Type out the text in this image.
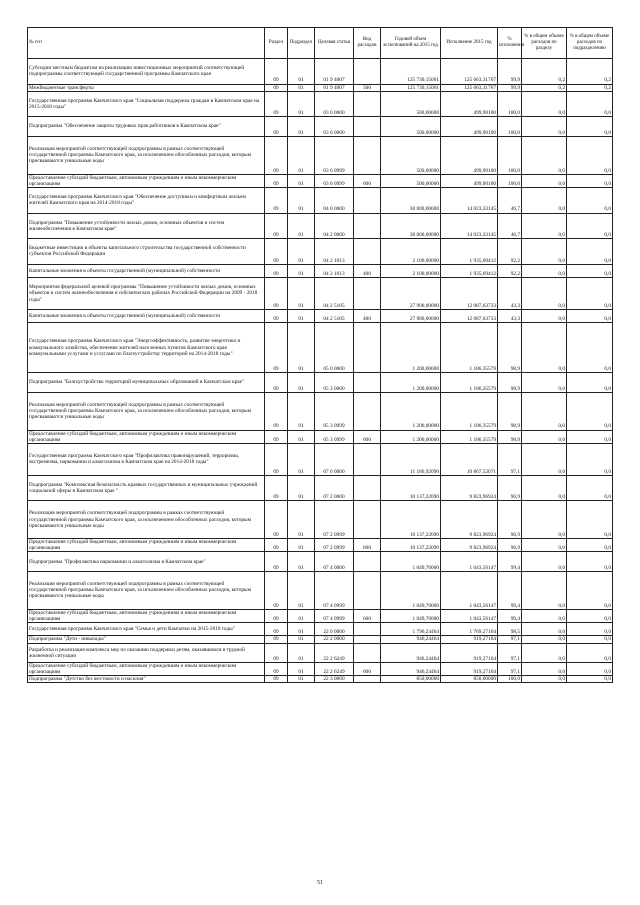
№ п/п	Раздел	Подраздел	Целевая статья	Вид расходов	Годовой объем ассигнований на 2015 год	Исполнение 2015 год	% исполнения	% в общем объеме расходов по разделу	% в общем объеме расходов по подразделению
Субсидии местным бюджетам на реализацию инвестиционных мероприятий соответствующей подпрограммы соответствующей государственной программы Камчатского края	09	01	01 9 4007		125 730,15001	125 663,31767	99,9	0,2	0,2
Межбюджетные трансферты	09	01	01 9 4007	500	125 730,15001	125 663,31767	99,9	0,2	0,2
Государственная программа Камчатского края "Социальная поддержка граждан в Камчатском крае на 2015-2018 годы"	09	01	03 0 0000		500,00000	499,90100	100,0	0,0	0,0
Подпрограмма "Обеспечение защиты трудовых прав работников в Камчатском крае"	09	01	03 6 0000		500,00000	499,90100	100,0	0,0	0,0
Реализация мероприятий соответствующей подпрограммы в рамках соответствующей государственной программы Камчатского края, за исключением обособленных расходов, которым присваиваются уникальные коды	09	01	03 6 0999		500,00000	499,90100	100,0	0,0	0,0
Предоставление субсидий бюджетным, автономным учреждениям и иным некоммерческим организациям	09	01	03 6 0999	600	500,00000	499,90100	100,0	0,0	0,0
Государственная программа Камчатского края "Обеспечение доступным и комфортным жильем жителей Камчатского края на 2014-2018 годы"	09	01	04 0 0000		30 000,00000	14 023,33145	46,7	0,0	0,0
Подпрограмма "Повышение устойчивости жилых домов, основных объектов и систем жизнеобеспечения в Камчатском крае"	09	01	04 2 0000		30 000,00000	14 023,33145	46,7	0,0	0,0
Бюджетные инвестиции в объекты капитального строительства государственной собственности субъектов Российской Федерации	09	01	04 2 1013		2 100,00000	1 935,69412	92,2	0,0	0,0
Капитальные вложения в объекты государственной (муниципальной) собственности	09	01	04 2 1013	400	2 100,00000	1 935,69412	92,2	0,0	0,0
Мероприятия федеральной целевой программы "Повышение устойчивости жилых домов, основных объектов и систем жизнеобеспечения в сейсмических районах Российской Федерации на 2009 - 2018 годы"	09	01	04 2 5105		27 900,00000	12 087,63733	43,3	0,0	0,0
Капитальные вложения в объекты государственной (муниципальной) собственности	09	01	04 2 5105	400	27 900,00000	12 087,63733	43,3	0,0	0,0
Государственная программа Камчатского края "Энергоэффективность, развитие энергетики и коммунального хозяйства, обеспечение жителей населенных пунктов Камчатского края коммунальными услугами и услугами по благоустройству территорий на 2014-2018 годы"	09	01	05 0 0000		1 200,00000	1 186,35579	98,9	0,0	0,0
Подпрограмма "Благоустройство территорий муниципальных образований в Камчатском крае"	09	01	05 3 0000		1 200,00000	1 186,35579	98,9	0,0	0,0
Реализация мероприятий соответствующей подпрограммы в рамках соответствующей государственной программы Камчатского края, за исключением обособленных расходов, которым присваиваются уникальные коды	09	01	05 3 0999		1 200,00000	1 186,35579	98,9	0,0	0,0
Предоставление субсидий бюджетным, автономным учреждениям и иным некоммерческим организациям	09	01	05 3 0999	600	1 200,00000	1 186,35579	98,9	0,0	0,0
Государственная программа Камчатского края "Профилактика правонарушений, терроризма, экстремизма, наркомании и алкоголизма в Камчатском крае на 2014-2018 годы"	09	01	07 0 0000		11 186,92090	10 867,52071	97,1	0,0	0,0
Подпрограмма "Комплексная безопасность краевых государственных и муниципальных учреждений социальной сферы в Камчатском крае "	09	01	07 2 0000		10 137,22090	9 823,96924	96,9	0,0	0,0
Реализация мероприятий соответствующей подпрограммы в рамках соответствующей государственной программы Камчатского края, за исключением обособленных расходов, которым присваиваются уникальные коды	09	01	07 2 0999		10 137,22090	9 823,96924	96,9	0,0	0,0
Предоставление субсидий бюджетным, автономным учреждениям и иным некоммерческим организациям	09	01	07 2 0999	600	10 137,22090	9 823,96924	96,9	0,0	0,0
Подпрограмма "Профилактика наркомании и алкоголизма в Камчатском крае"	09	01	07 4 0000		1 049,70000	1 043,56147	99,4	0,0	0,0
Реализация мероприятий соответствующей подпрограммы в рамках соответствующей государственной программы Камчатского края, за исключением обособленных расходов, которым присваиваются уникальные коды	09	01	07 4 0999		1 049,70000	1 043,56147	99,4	0,0	0,0
Предоставление субсидий бюджетным, автономным учреждениям и иным некоммерческим организациям	09	01	07 4 0999	600	1 049,70000	1 043,56147	99,4	0,0	0,0
Государственная программа Камчатского края "Семья и дети Камчатки на 2015-2018 годы"	09	01	22 0 0000		1 796,24464	1 769,27164	98,5	0,0	0,0
Подпрограмма "Дети - инвалиды"	09	01	22 2 0000		946,24464	919,27164	97,1	0,0	0,0
Разработка и реализация комплекса мер по оказанию поддержки детям, оказавшимся в трудной жизненной ситуации	09	01	22 2 6249		946,24464	919,27164	97,1	0,0	0,0
Предоставление субсидий бюджетным, автономным учреждениям и иным некоммерческим организациям	09	01	22 2 6249	600	946,24464	919,27164	97,1	0,0	0,0
Подпрограмма "Детство без жестокости и насилия"	09	01	22 3 0000		850,00000	850,00000	100,0	0,0	0,0
51
